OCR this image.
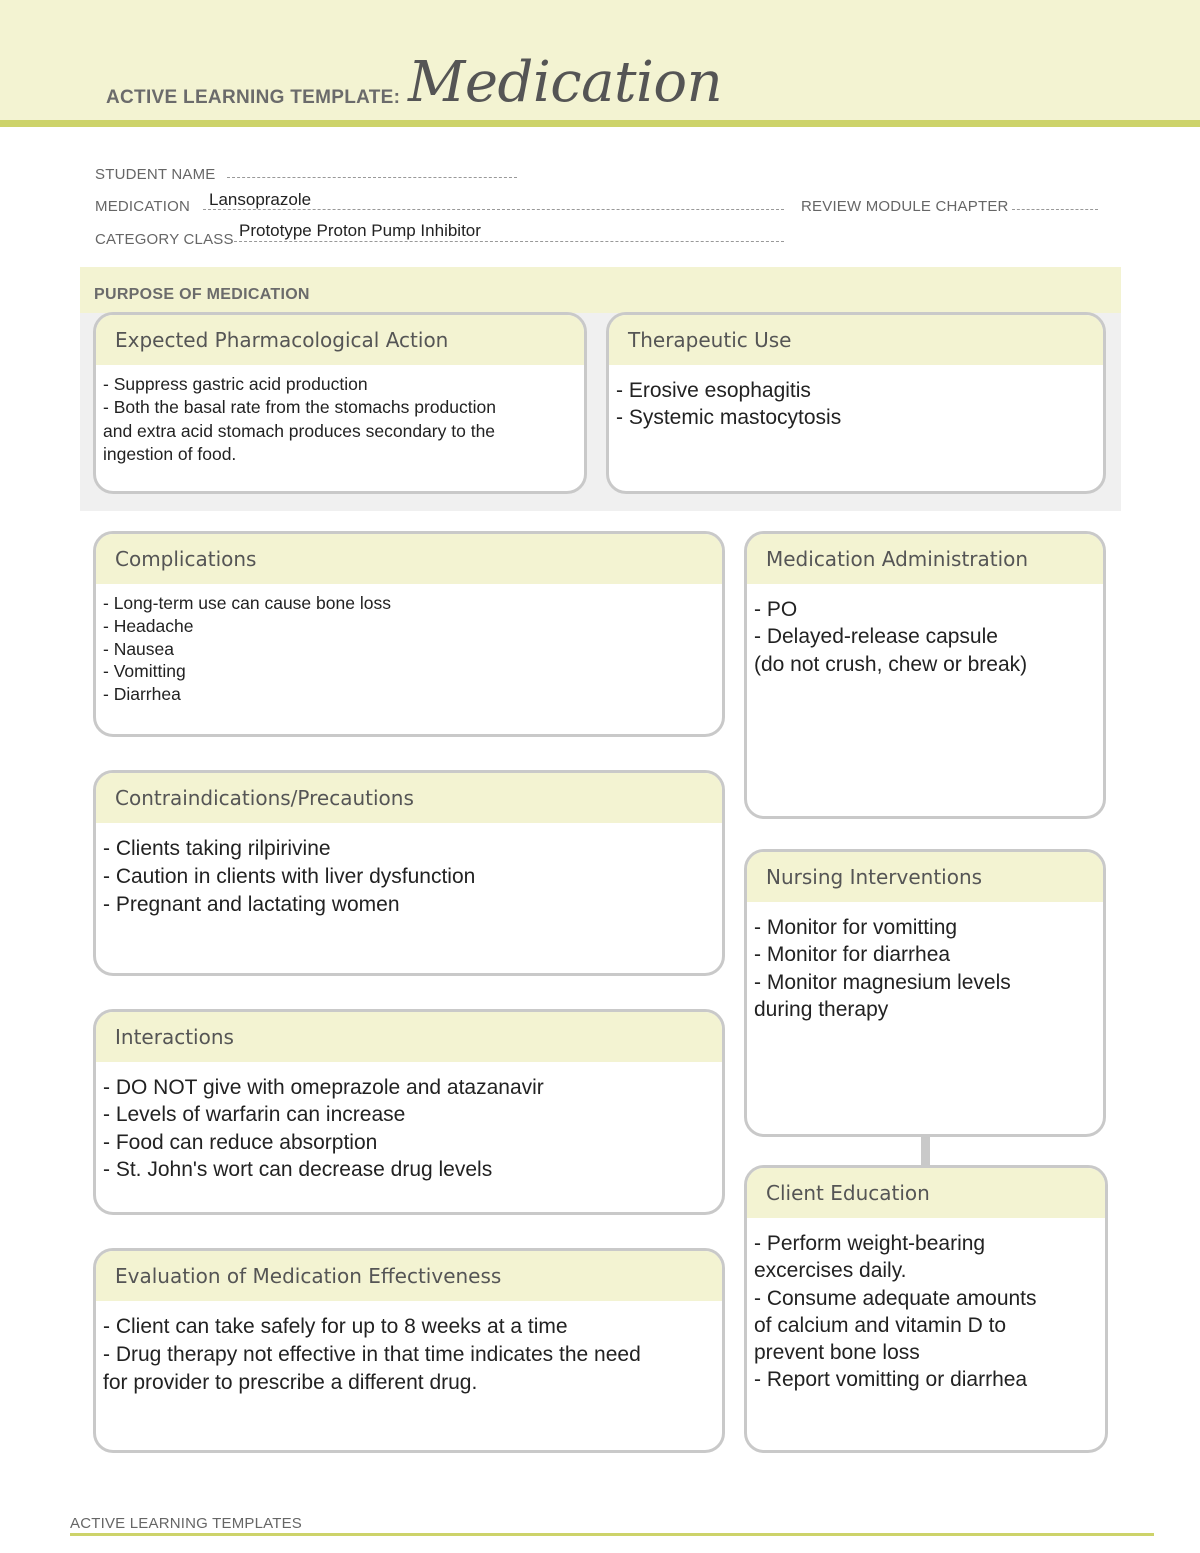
ACTIVE LEARNING TEMPLATE: Medication
STUDENT NAME
MEDICATION Lansoprazole	REVIEW MODULE CHAPTER
CATEGORY CLASS Prototype Proton Pump Inhibitor
PURPOSE OF MEDICATION
Expected Pharmacological Action
- Suppress gastric acid production
- Both the basal rate from the stomachs production
and extra acid stomach produces secondary to the
ingestion of food.
Therapeutic Use
- Erosive esophagitis
- Systemic mastocytosis
Complications
- Long-term use can cause bone loss
- Headache
- Nausea
- Vomitting
- Diarrhea
Medication Administration
- PO
- Delayed-release capsule
(do not crush, chew or break)
Contraindications/Precautions
- Clients taking rilpirivine
- Caution in clients with liver dysfunction
- Pregnant and lactating women
Nursing Interventions
- Monitor for vomitting
- Monitor for diarrhea
- Monitor magnesium levels
during therapy
Interactions
- DO NOT give with omeprazole and atazanavir
- Levels of warfarin can increase
- Food can reduce absorption
- St. John's wort can decrease drug levels
Client Education
- Perform weight-bearing
excercises daily.
- Consume adequate amounts
of calcium and vitamin D to
prevent bone loss
- Report vomitting or diarrhea
Evaluation of Medication Effectiveness
- Client can take safely for up to 8 weeks at a time
- Drug therapy not effective in that time indicates the need
for provider to prescribe a different drug.
ACTIVE LEARNING TEMPLATES
